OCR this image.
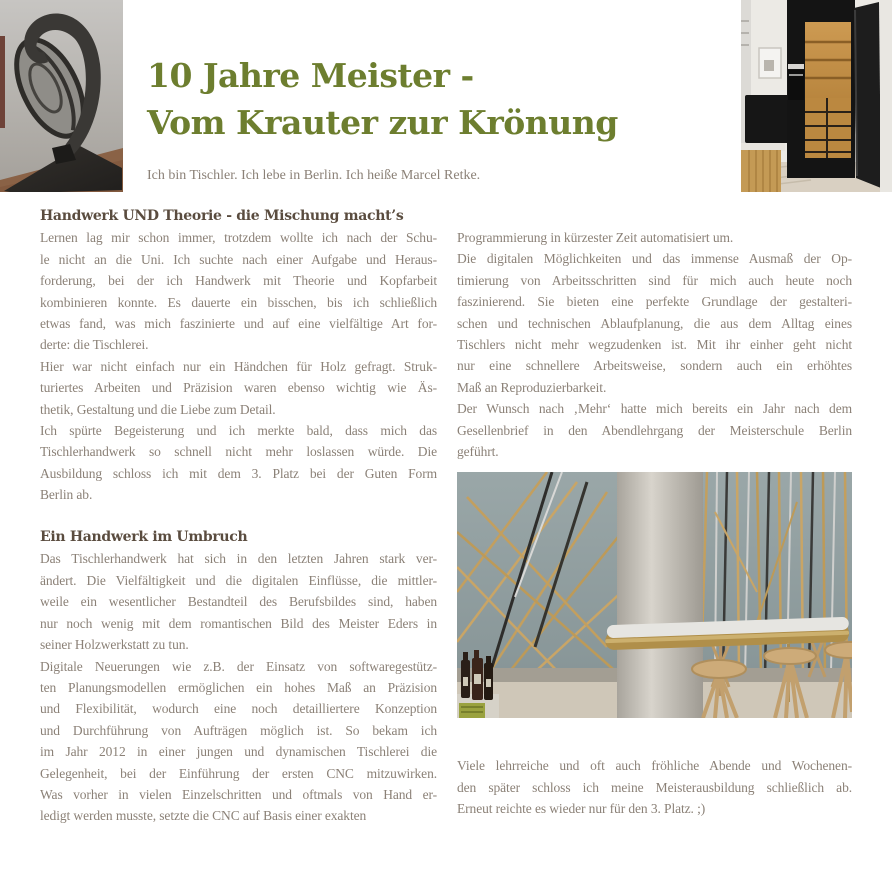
10 Jahre Meister -
Vom Krauter zur Krönung
Ich bin Tischler. Ich lebe in Berlin. Ich heiße Marcel Retke.
Handwerk UND Theorie - die Mischung macht’s
Lernen lag mir schon immer, trotzdem wollte ich nach der Schu-
le nicht an die Uni. Ich suchte nach einer Aufgabe und Heraus-
forderung, bei der ich Handwerk mit Theorie und Kopfarbeit
kombinieren konnte. Es dauerte ein bisschen, bis ich schließlich
etwas fand, was mich faszinierte und auf eine vielfältige Art for-
derte: die Tischlerei.
Hier war nicht einfach nur ein Händchen für Holz gefragt. Struk-
turiertes Arbeiten und Präzision waren ebenso wichtig wie Äs-
thetik, Gestaltung und die Liebe zum Detail.
Ich spürte Begeisterung und ich merkte bald, dass mich das
Tischlerhandwerk so schnell nicht mehr loslassen würde. Die
Ausbildung schloss ich mit dem 3. Platz bei der Guten Form
Berlin ab.
Ein Handwerk im Umbruch
Das Tischlerhandwerk hat sich in den letzten Jahren stark ver-
ändert. Die Vielfältigkeit und die digitalen Einflüsse, die mittler-
weile ein wesentlicher Bestandteil des Berufsbildes sind, haben
nur noch wenig mit dem romantischen Bild des Meister Eders in
seiner Holzwerkstatt zu tun.
Digitale Neuerungen wie z.B. der Einsatz von softwaregestütz-
ten Planungsmodellen ermöglichen ein hohes Maß an Präzision
und Flexibilität, wodurch eine noch detailliertere Konzeption
und Durchführung von Aufträgen möglich ist. So bekam ich
im Jahr 2012 in einer jungen und dynamischen Tischlerei die
Gelegenheit, bei der Einführung der ersten CNC mitzuwirken.
Was vorher in vielen Einzelschritten und oftmals von Hand er-
ledigt werden musste, setzte die CNC auf Basis einer exakten
Programmierung in kürzester Zeit automatisiert um.
Die digitalen Möglichkeiten und das immense Ausmaß der Op-
timierung von Arbeitsschritten sind für mich auch heute noch
faszinierend. Sie bieten eine perfekte Grundlage der gestalteri-
schen und technischen Ablaufplanung, die aus dem Alltag eines
Tischlers nicht mehr wegzudenken ist. Mit ihr einher geht nicht
nur eine schnellere Arbeitsweise, sondern auch ein erhöhtes
Maß an Reproduzierbarkeit.
Der Wunsch nach ‚Mehr‘ hatte mich bereits ein Jahr nach dem
Gesellenbrief in den Abendlehrgang der Meisterschule Berlin
geführt.
Viele lehrreiche und oft auch fröhliche Abende und Wochenen-
den später schloss ich meine Meisterausbildung schließlich ab.
Erneut reichte es wieder nur für den 3. Platz. ;)
